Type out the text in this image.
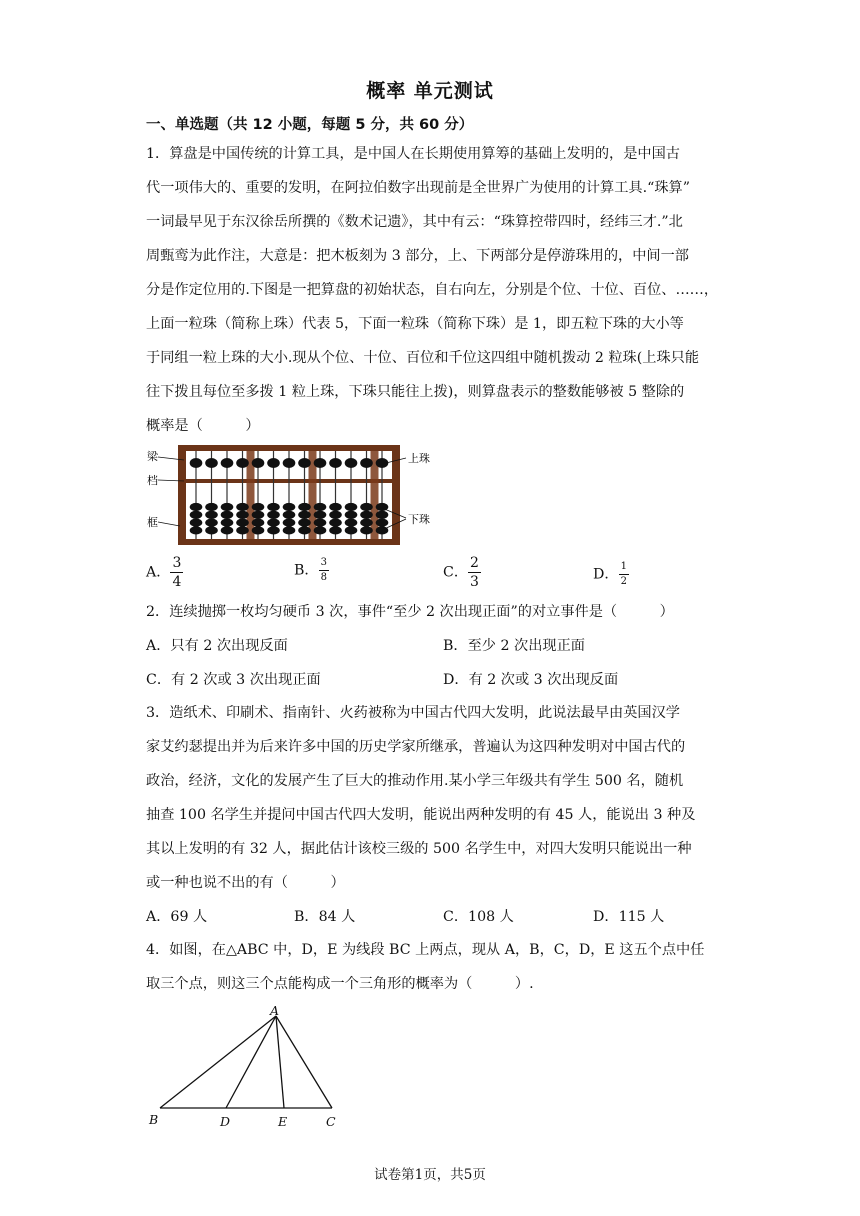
概率 单元测试
一、单选题（共 12 小题，每题 5 分，共 60 分）
1．算盘是中国传统的计算工具，是中国人在长期使用算筹的基础上发明的，是中国古
代一项伟大的、重要的发明，在阿拉伯数字出现前是全世界广为使用的计算工具.“珠算”
一词最早见于东汉徐岳所撰的《数术记遗》，其中有云：“珠算控带四时，经纬三才.”北
周甄鸾为此作注，大意是：把木板刻为 3 部分，上、下两部分是停游珠用的，中间一部
分是作定位用的.下图是一把算盘的初始状态，自右向左，分别是个位、十位、百位、……，
上面一粒珠（简称上珠）代表 5，下面一粒珠（简称下珠）是 1，即五粒下珠的大小等
于同组一粒上珠的大小.现从个位、十位、百位和千位这四组中随机拨动 2 粒珠(上珠只能
往下拨且每位至多拨 1 粒上珠，下珠只能往上拨)，则算盘表示的整数能够被 5 整除的
概率是（　　　）
梁
档
框
上珠
下珠
A． $\frac{3}{4}$	B． $\frac{3}{8}$	C． $\frac{2}{3}$	D． $\frac{1}{2}$
2．连续抛掷一枚均匀硬币 3 次，事件“至少 2 次出现正面”的对立事件是（　　　）
A．只有 2 次出现反面	B．至少 2 次出现正面
C．有 2 次或 3 次出现正面	D．有 2 次或 3 次出现反面
3．造纸术、印刷术、指南针、火药被称为中国古代四大发明，此说法最早由英国汉学
家艾约瑟提出并为后来许多中国的历史学家所继承，普遍认为这四种发明对中国古代的
政治，经济，文化的发展产生了巨大的推动作用.某小学三年级共有学生 500 名，随机
抽查 100 名学生并提问中国古代四大发明，能说出两种发明的有 45 人，能说出 3 种及
其以上发明的有 32 人，据此估计该校三级的 500 名学生中，对四大发明只能说出一种
或一种也说不出的有（　　　）
A．69 人	B．84 人	C．108 人	D．115 人
4．如图，在△ABC 中，D，E 为线段 BC 上两点，现从 A，B，C，D，E 这五个点中任
取三个点，则这三个点能构成一个三角形的概率为（　　　）.
A
B	D	E	C
试卷第1页，共5页
